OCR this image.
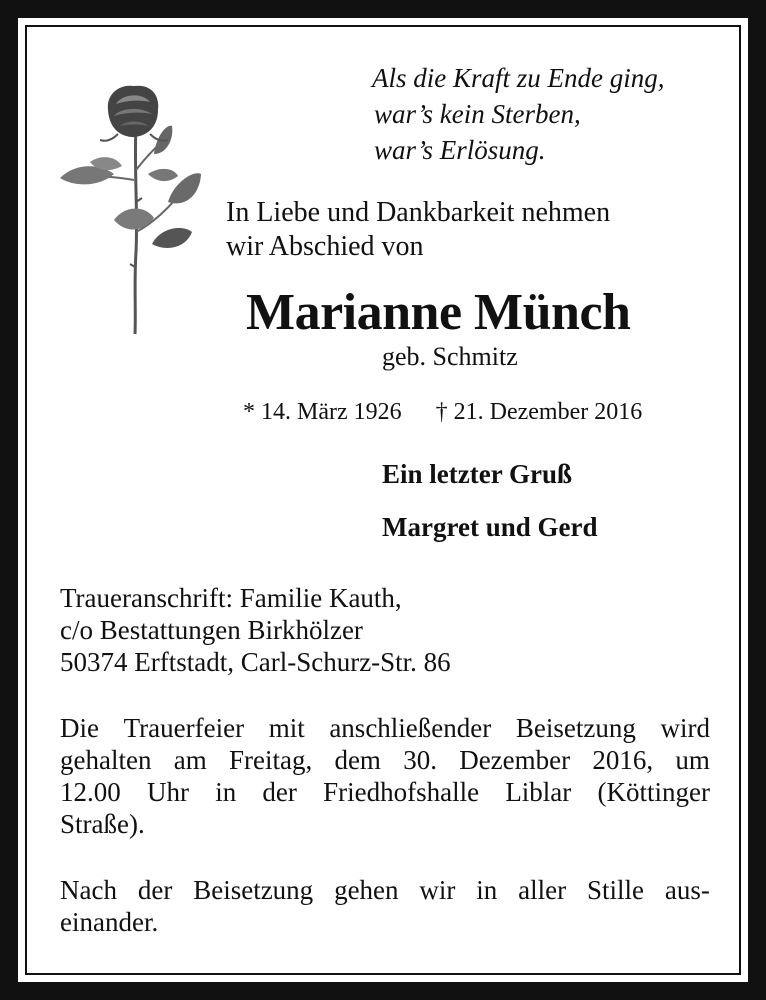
Als die Kraft zu Ende ging,
war’s kein Sterben,
war’s Erlösung.
In Liebe und Dankbarkeit nehmen
wir Abschied von
Marianne Münch
geb. Schmitz
* 14. März 1926 † 21. Dezember 2016
Ein letzter Gruß
Margret und Gerd
Traueranschrift: Familie Kauth,
c/o Bestattungen Birkhölzer
50374 Erftstadt, Carl-Schurz-Str. 86
Die Trauerfeier mit anschließender Beisetzung wird
gehalten am Freitag, dem 30. Dezember 2016, um
12.00 Uhr in der Friedhofshalle Liblar (Köttinger
Straße).
Nach der Beisetzung gehen wir in aller Stille aus-
einander.
